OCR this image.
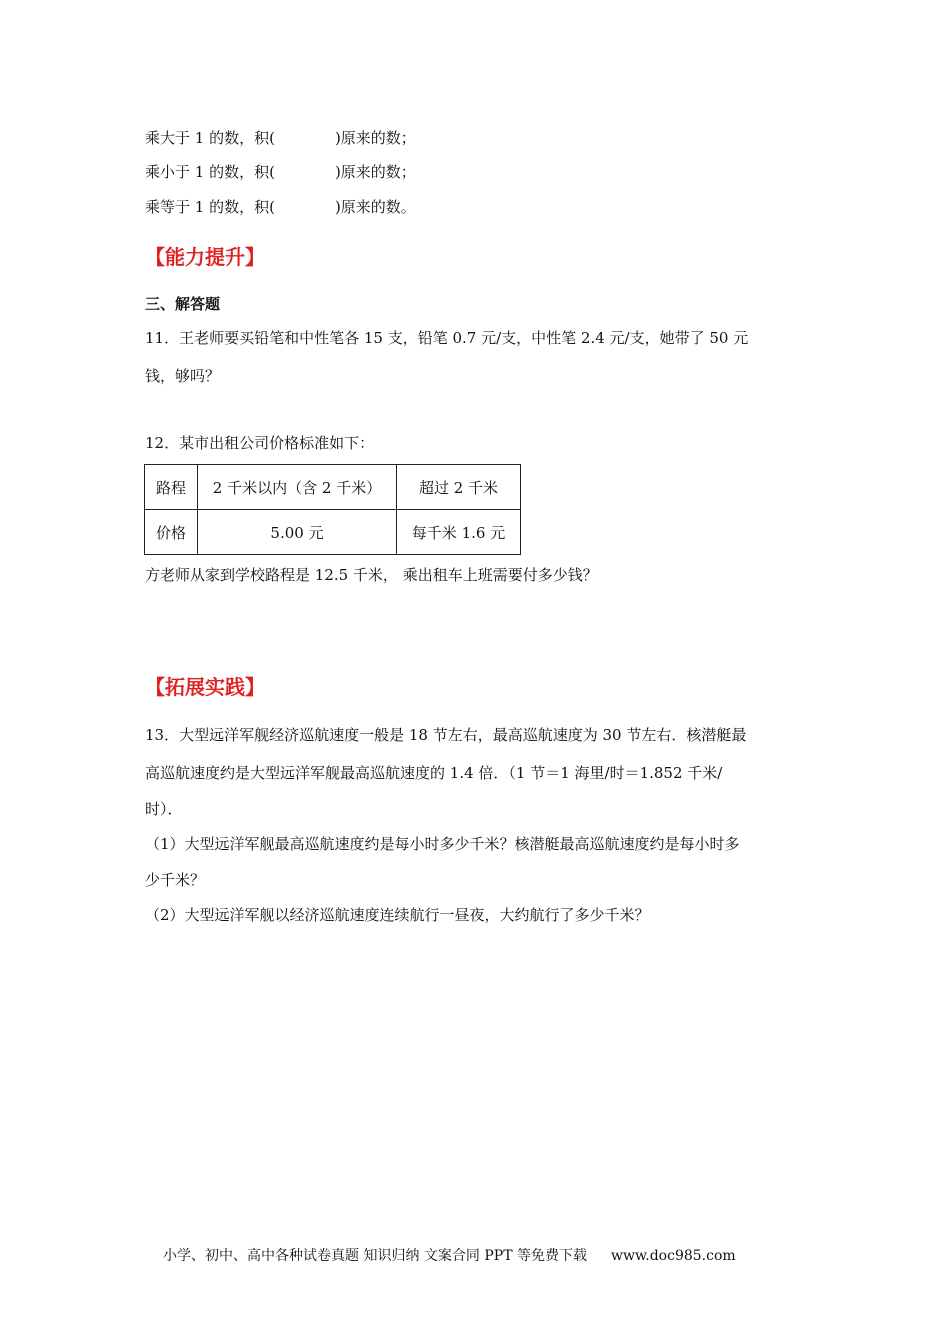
乘大于 1 的数，积(	)原来的数；
乘小于 1 的数，积(	)原来的数；
乘等于 1 的数，积(	)原来的数。
【能力提升】
三、解答题
11．王老师要买铅笔和中性笔各 15 支，铅笔 0.7 元/支，中性笔 2.4 元/支，她带了 50 元
钱，够吗？
12．某市出租公司价格标准如下：
路程	2 千米以内（含 2 千米）	超过 2 千米
价格	5.00 元	每千米 1.6 元
方老师从家到学校路程是 12.5 千米， 乘出租车上班需要付多少钱？
【拓展实践】
13．大型远洋军舰经济巡航速度一般是 18 节左右，最高巡航速度为 30 节左右．核潜艇最
高巡航速度约是大型远洋军舰最高巡航速度的 1.4 倍．（1 节＝1 海里/时＝1.852 千米/
时）．
（1）大型远洋军舰最高巡航速度约是每小时多少千米？核潜艇最高巡航速度约是每小时多
少千米？
（2）大型远洋军舰以经济巡航速度连续航行一昼夜，大约航行了多少千米？
小学、初中、高中各种试卷真题 知识归纳 文案合同 PPT 等免费下载 www.doc985.com
